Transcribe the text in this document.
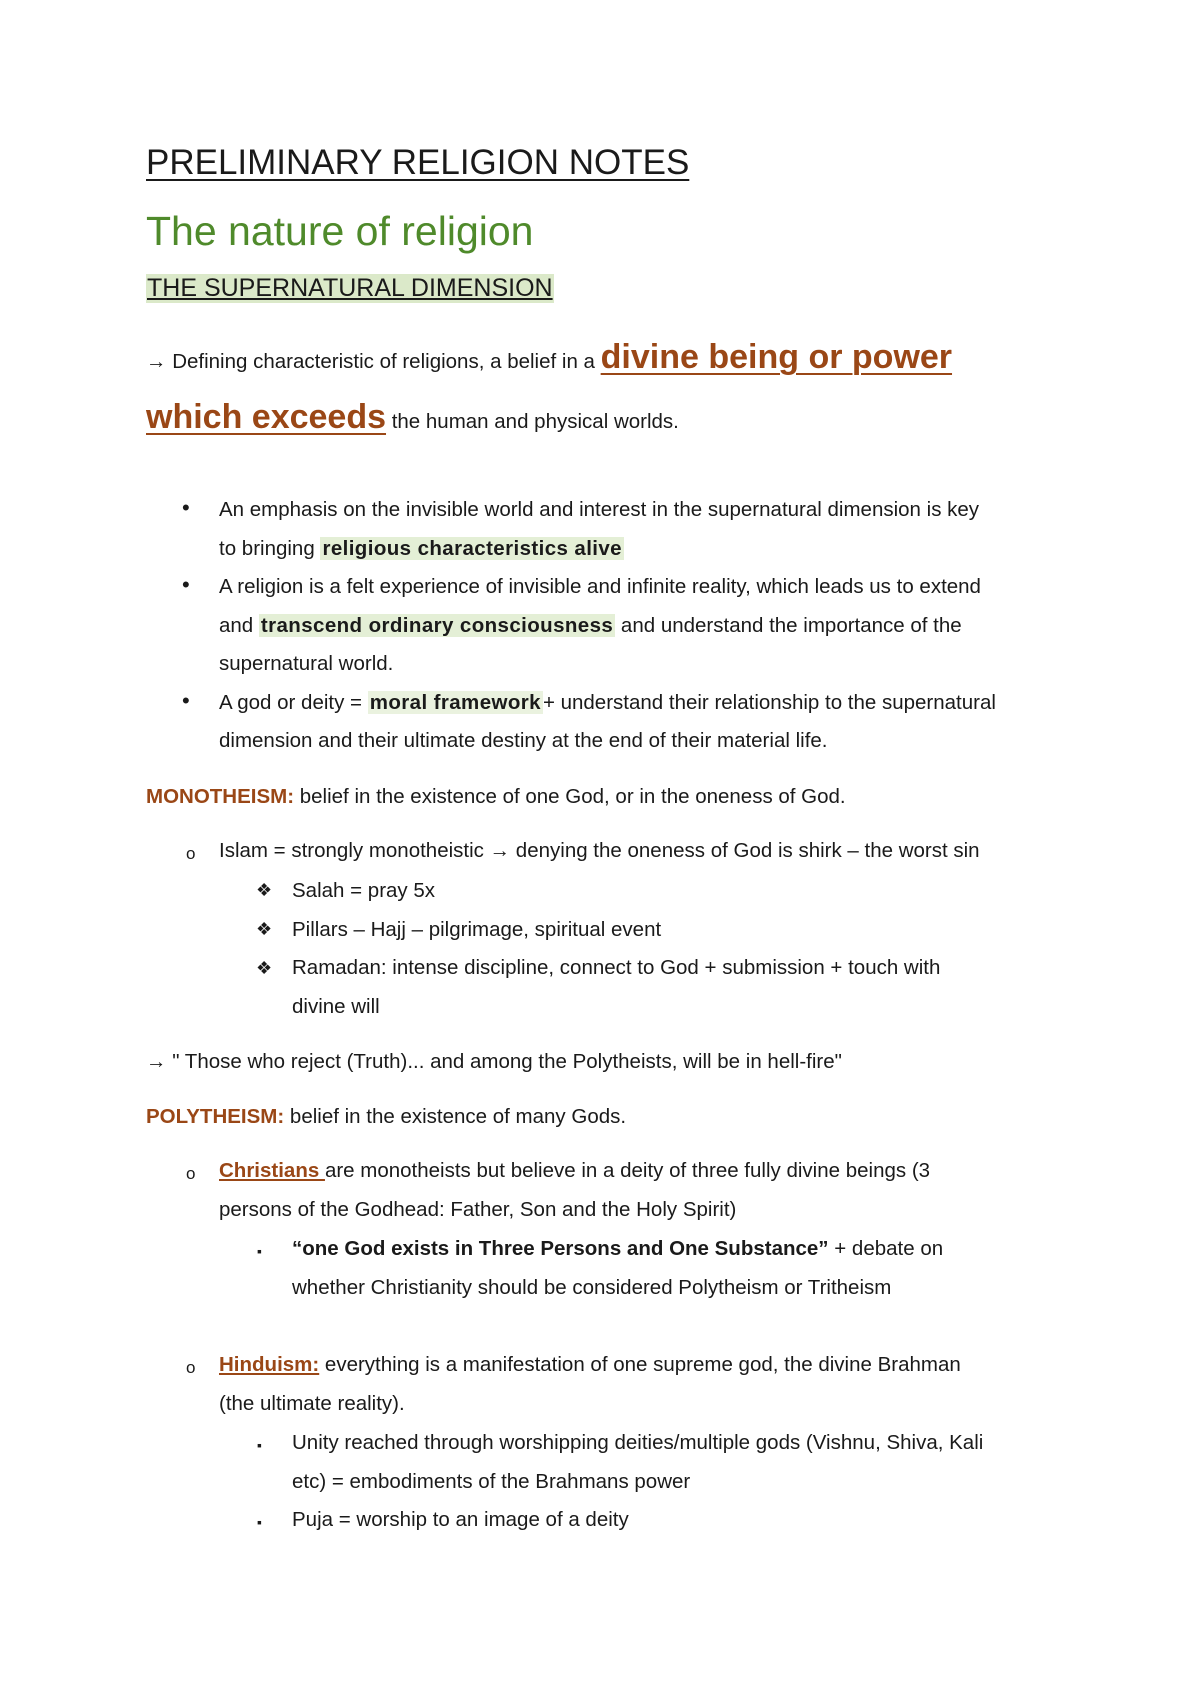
PRELIMINARY RELIGION NOTES
The nature of religion
THE SUPERNATURAL DIMENSION
→ Defining characteristic of religions, a belief in a divine being or power
which exceeds the human and physical worlds.
• An emphasis on the invisible world and interest in the supernatural dimension is key
to bringing religious characteristics alive
• A religion is a felt experience of invisible and infinite reality, which leads us to extend
and transcend ordinary consciousness and understand the importance of the
supernatural world.
• A god or deity = moral framework+ understand their relationship to the supernatural
dimension and their ultimate destiny at the end of their material life.
MONOTHEISM: belief in the existence of one God, or in the oneness of God.
o Islam = strongly monotheistic → denying the oneness of God is shirk – the worst sin
❖ Salah = pray 5x
❖ Pillars – Hajj – pilgrimage, spiritual event
❖ Ramadan: intense discipline, connect to God + submission + touch with
divine will
→ " Those who reject (Truth)... and among the Polytheists, will be in hell-fire"
POLYTHEISM: belief in the existence of many Gods.
o Christians are monotheists but believe in a deity of three fully divine beings (3
persons of the Godhead: Father, Son and the Holy Spirit)
▪ “one God exists in Three Persons and One Substance” + debate on
whether Christianity should be considered Polytheism or Tritheism
o Hinduism: everything is a manifestation of one supreme god, the divine Brahman
(the ultimate reality).
▪ Unity reached through worshipping deities/multiple gods (Vishnu, Shiva, Kali
etc) = embodiments of the Brahmans power
▪ Puja = worship to an image of a deity
